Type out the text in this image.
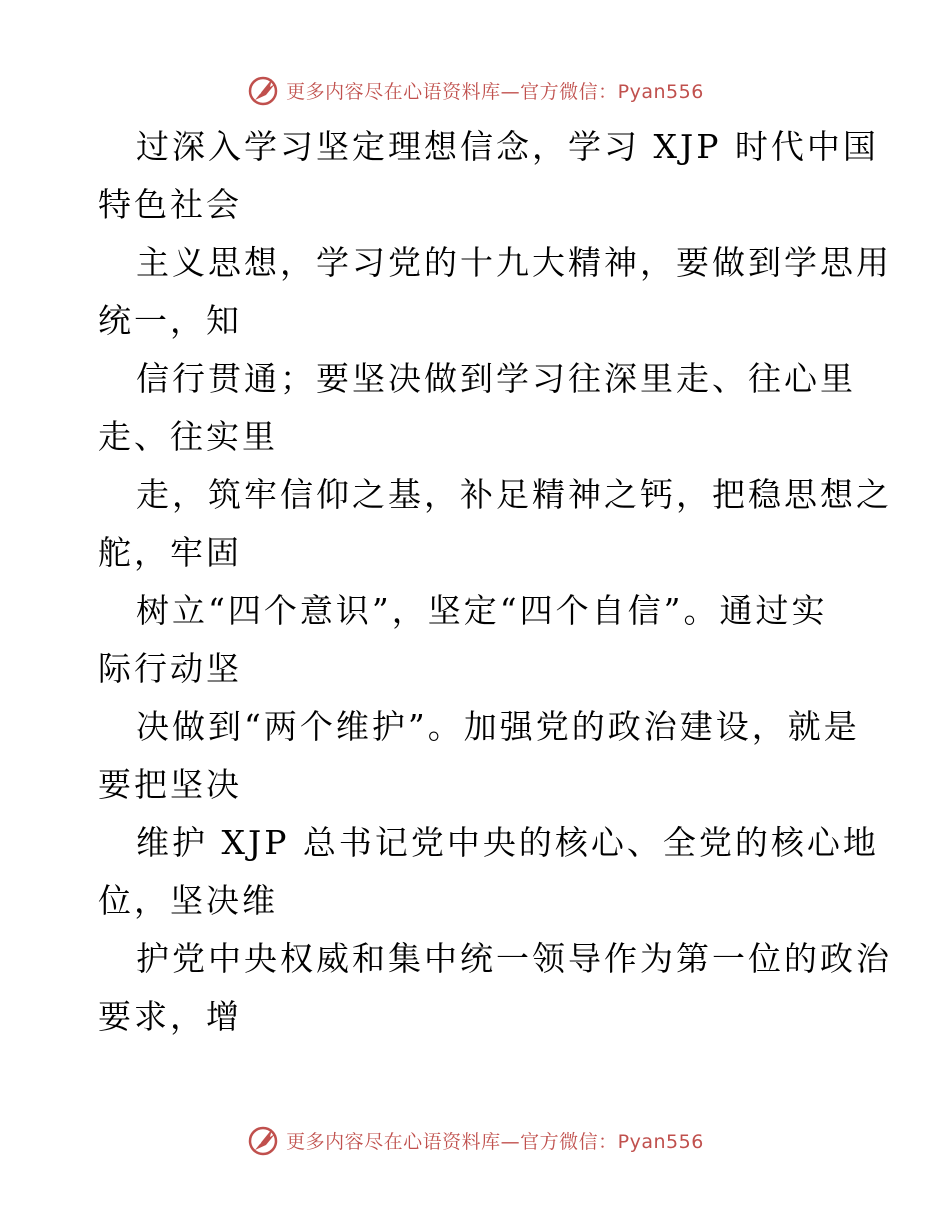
更多内容尽在心语资料库—官方微信：Pyan556
过深入学习坚定理想信念，学习 XJP 时代中国
特色社会
主义思想，学习党的十九大精神，要做到学思用
统一，知
信行贯通；要坚决做到学习往深里走、往心里
走、往实里
走，筑牢信仰之基，补足精神之钙，把稳思想之
舵，牢固
树立“四个意识”，坚定“四个自信”。通过实
际行动坚
决做到“两个维护”。加强党的政治建设，就是
要把坚决
维护 XJP 总书记党中央的核心、全党的核心地
位，坚决维
护党中央权威和集中统一领导作为第一位的政治
要求，增
更多内容尽在心语资料库—官方微信：Pyan556
